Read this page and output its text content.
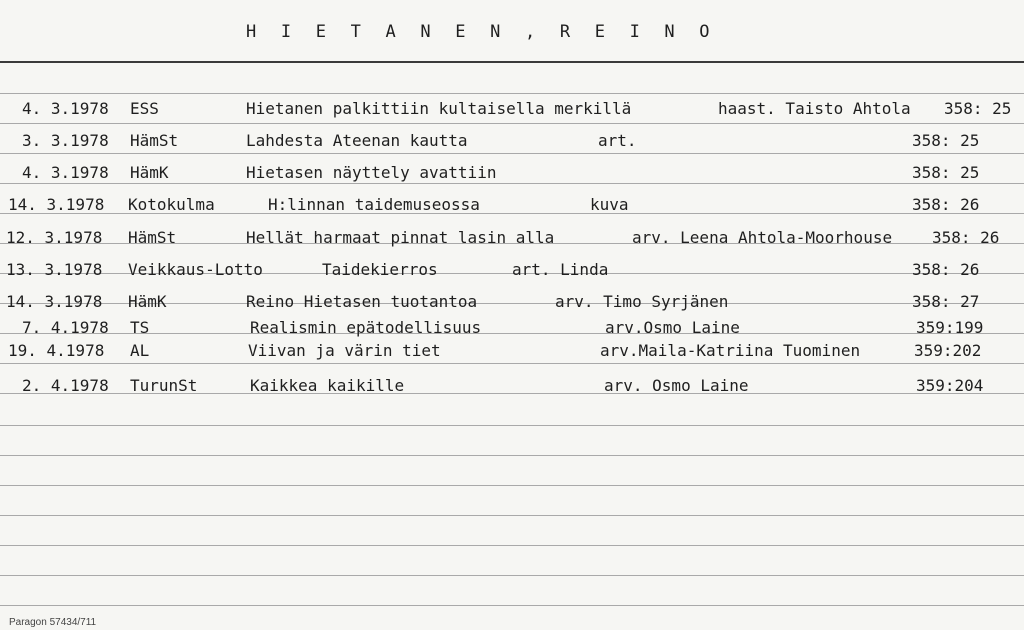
H I E T A N E N , R E I N O
4. 3.1978 ESS	Hietanen palkittiin kultaisella merkillä	haast. Taisto Ahtola 358: 25
3. 3.1978 HämSt	Lahdesta Ateenan kautta	art.	358: 25
4. 3.1978 HämK	Hietasen näyttely avattiin	358: 25
14. 3.1978 Kotokulma	H:linnan taidemuseossa	kuva	358: 26
12. 3.1978 HämSt	Hellät harmaat pinnat lasin alla	arv. Leena Ahtola-Moorhouse 358: 26
13. 3.1978 Veikkaus-Lotto	Taidekierros	art. Linda	358: 26
14. 3.1978 HämK	Reino Hietasen tuotantoa	arv. Timo Syrjänen	358: 27
7. 4.1978 TS	Realismin epätodellisuus	arv.Osmo Laine	359:199
19. 4.1978 AL	Viivan ja värin tiet	arv.Maila-Katriina Tuominen	359:202
2. 4.1978 TurunSt	Kaikkea kaikille	arv. Osmo Laine	359:204
Paragon 57434/711
